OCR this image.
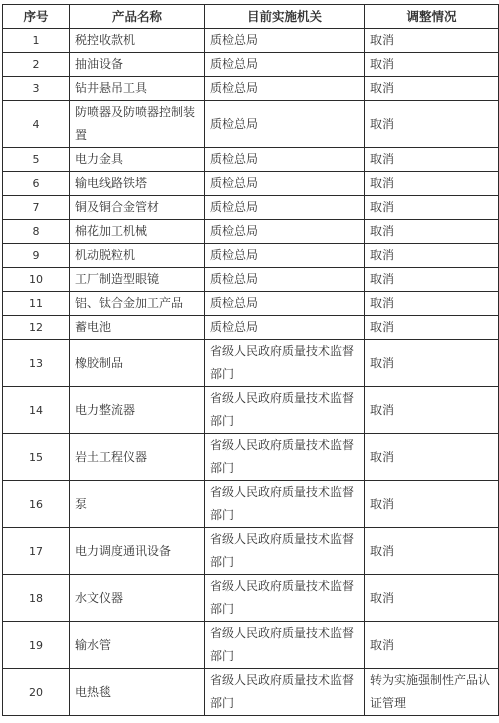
序号	产品名称	目前实施机关	调整情况
1	税控收款机	质检总局	取消
2	抽油设备	质检总局	取消
3	钻井悬吊工具	质检总局	取消
4	防喷器及防喷器控制装置	质检总局	取消
5	电力金具	质检总局	取消
6	输电线路铁塔	质检总局	取消
7	铜及铜合金管材	质检总局	取消
8	棉花加工机械	质检总局	取消
9	机动脱粒机	质检总局	取消
10	工厂制造型眼镜	质检总局	取消
11	铝、钛合金加工产品	质检总局	取消
12	蓄电池	质检总局	取消
13	橡胶制品	省级人民政府质量技术监督部门	取消
14	电力整流器	省级人民政府质量技术监督部门	取消
15	岩土工程仪器	省级人民政府质量技术监督部门	取消
16	泵	省级人民政府质量技术监督部门	取消
17	电力调度通讯设备	省级人民政府质量技术监督部门	取消
18	水文仪器	省级人民政府质量技术监督部门	取消
19	输水管	省级人民政府质量技术监督部门	取消
20	电热毯	省级人民政府质量技术监督部门	转为实施强制性产品认证管理
